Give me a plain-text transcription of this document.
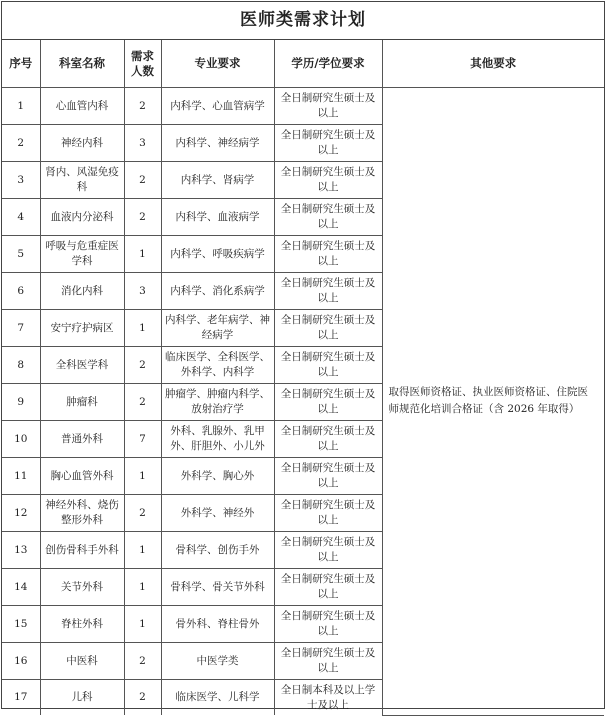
医师类需求计划
序号	科室名称	需求人数	专业要求	学历/学位要求	其他要求
1	心血管内科	2	内科学、心血管病学	全日制研究生硕士及以上	取得医师资格证、执业医师资格证、住院医师规范化培训合格证（含 2026 年取得）
2	神经内科	3	内科学、神经病学	全日制研究生硕士及以上	
3	肾内、风湿免疫科	2	内科学、肾病学	全日制研究生硕士及以上	
4	血液内分泌科	2	内科学、血液病学	全日制研究生硕士及以上	
5	呼吸与危重症医学科	1	内科学、呼吸疾病学	全日制研究生硕士及以上	
6	消化内科	3	内科学、消化系病学	全日制研究生硕士及以上	
7	安宁疗护病区	1	内科学、老年病学、神经病学	全日制研究生硕士及以上	
8	全科医学科	2	临床医学、全科医学、外科学、内科学	全日制研究生硕士及以上	
9	肿瘤科	2	肿瘤学、肿瘤内科学、放射治疗学	全日制研究生硕士及以上	
10	普通外科	7	外科、乳腺外、乳甲外、肝胆外、小儿外	全日制研究生硕士及以上	
11	胸心血管外科	1	外科学、胸心外	全日制研究生硕士及以上	
12	神经外科、烧伤整形外科	2	外科学、神经外	全日制研究生硕士及以上	
13	创伤骨科手外科	1	骨科学、创伤手外	全日制研究生硕士及以上	
14	关节外科	1	骨科学、骨关节外科	全日制研究生硕士及以上	
15	脊柱外科	1	骨外科、脊柱骨外	全日制研究生硕士及以上	
16	中医科	2	中医学类	全日制研究生硕士及以上	
17	儿科	2	临床医学、儿科学	全日制本科及以上学士及以上	
